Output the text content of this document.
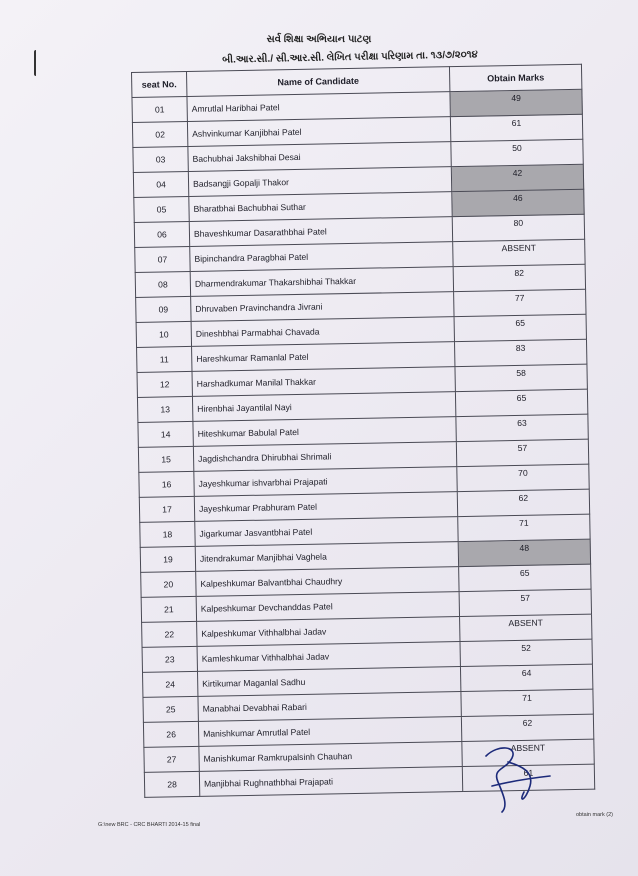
સર્વ શિક્ષા અભિયાન પાટણ
બી.આર.સી./ સી.આર.સી. લેખિત પરીક્ષા પરિણામ તા. ૧૩/૭/૨૦૧૪
seat No.	Name of Candidate	Obtain Marks
01	Amrutlal Haribhai Patel	49
02	Ashvinkumar Kanjibhai Patel	61
03	Bachubhai Jakshibhai Desai	50
04	Badsangji Gopalji Thakor	42
05	Bharatbhai Bachubhai Suthar	46
06	Bhaveshkumar Dasarathbhai Patel	80
07	Bipinchandra Paragbhai Patel	ABSENT
08	Dharmendrakumar Thakarshibhai Thakkar	82
09	Dhruvaben Pravinchandra Jivrani	77
10	Dineshbhai Parmabhai Chavada	65
11	Hareshkumar Ramanlal Patel	83
12	Harshadkumar Manilal Thakkar	58
13	Hirenbhai Jayantilal Nayi	65
14	Hiteshkumar Babulal Patel	63
15	Jagdishchandra Dhirubhai Shrimali	57
16	Jayeshkumar ishvarbhai Prajapati	70
17	Jayeshkumar Prabhuram Patel	62
18	Jigarkumar Jasvantbhai Patel	71
19	Jitendrakumar Manjibhai Vaghela	48
20	Kalpeshkumar Balvantbhai Chaudhry	65
21	Kalpeshkumar Devchanddas Patel	57
22	Kalpeshkumar Vithhalbhai Jadav	ABSENT
23	Kamleshkumar Vithhalbhai Jadav	52
24	Kirtikumar Maganlal Sadhu	64
25	Manabhai Devabhai Rabari	71
26	Manishkumar Amrutlal Patel	62
27	Manishkumar Ramkrupalsinh Chauhan	ABSENT
28	Manjibhai Rughnathbhai Prajapati	61
G:\new BRC - CRC BHARTI 2014-15 final
obtain mark (2)
